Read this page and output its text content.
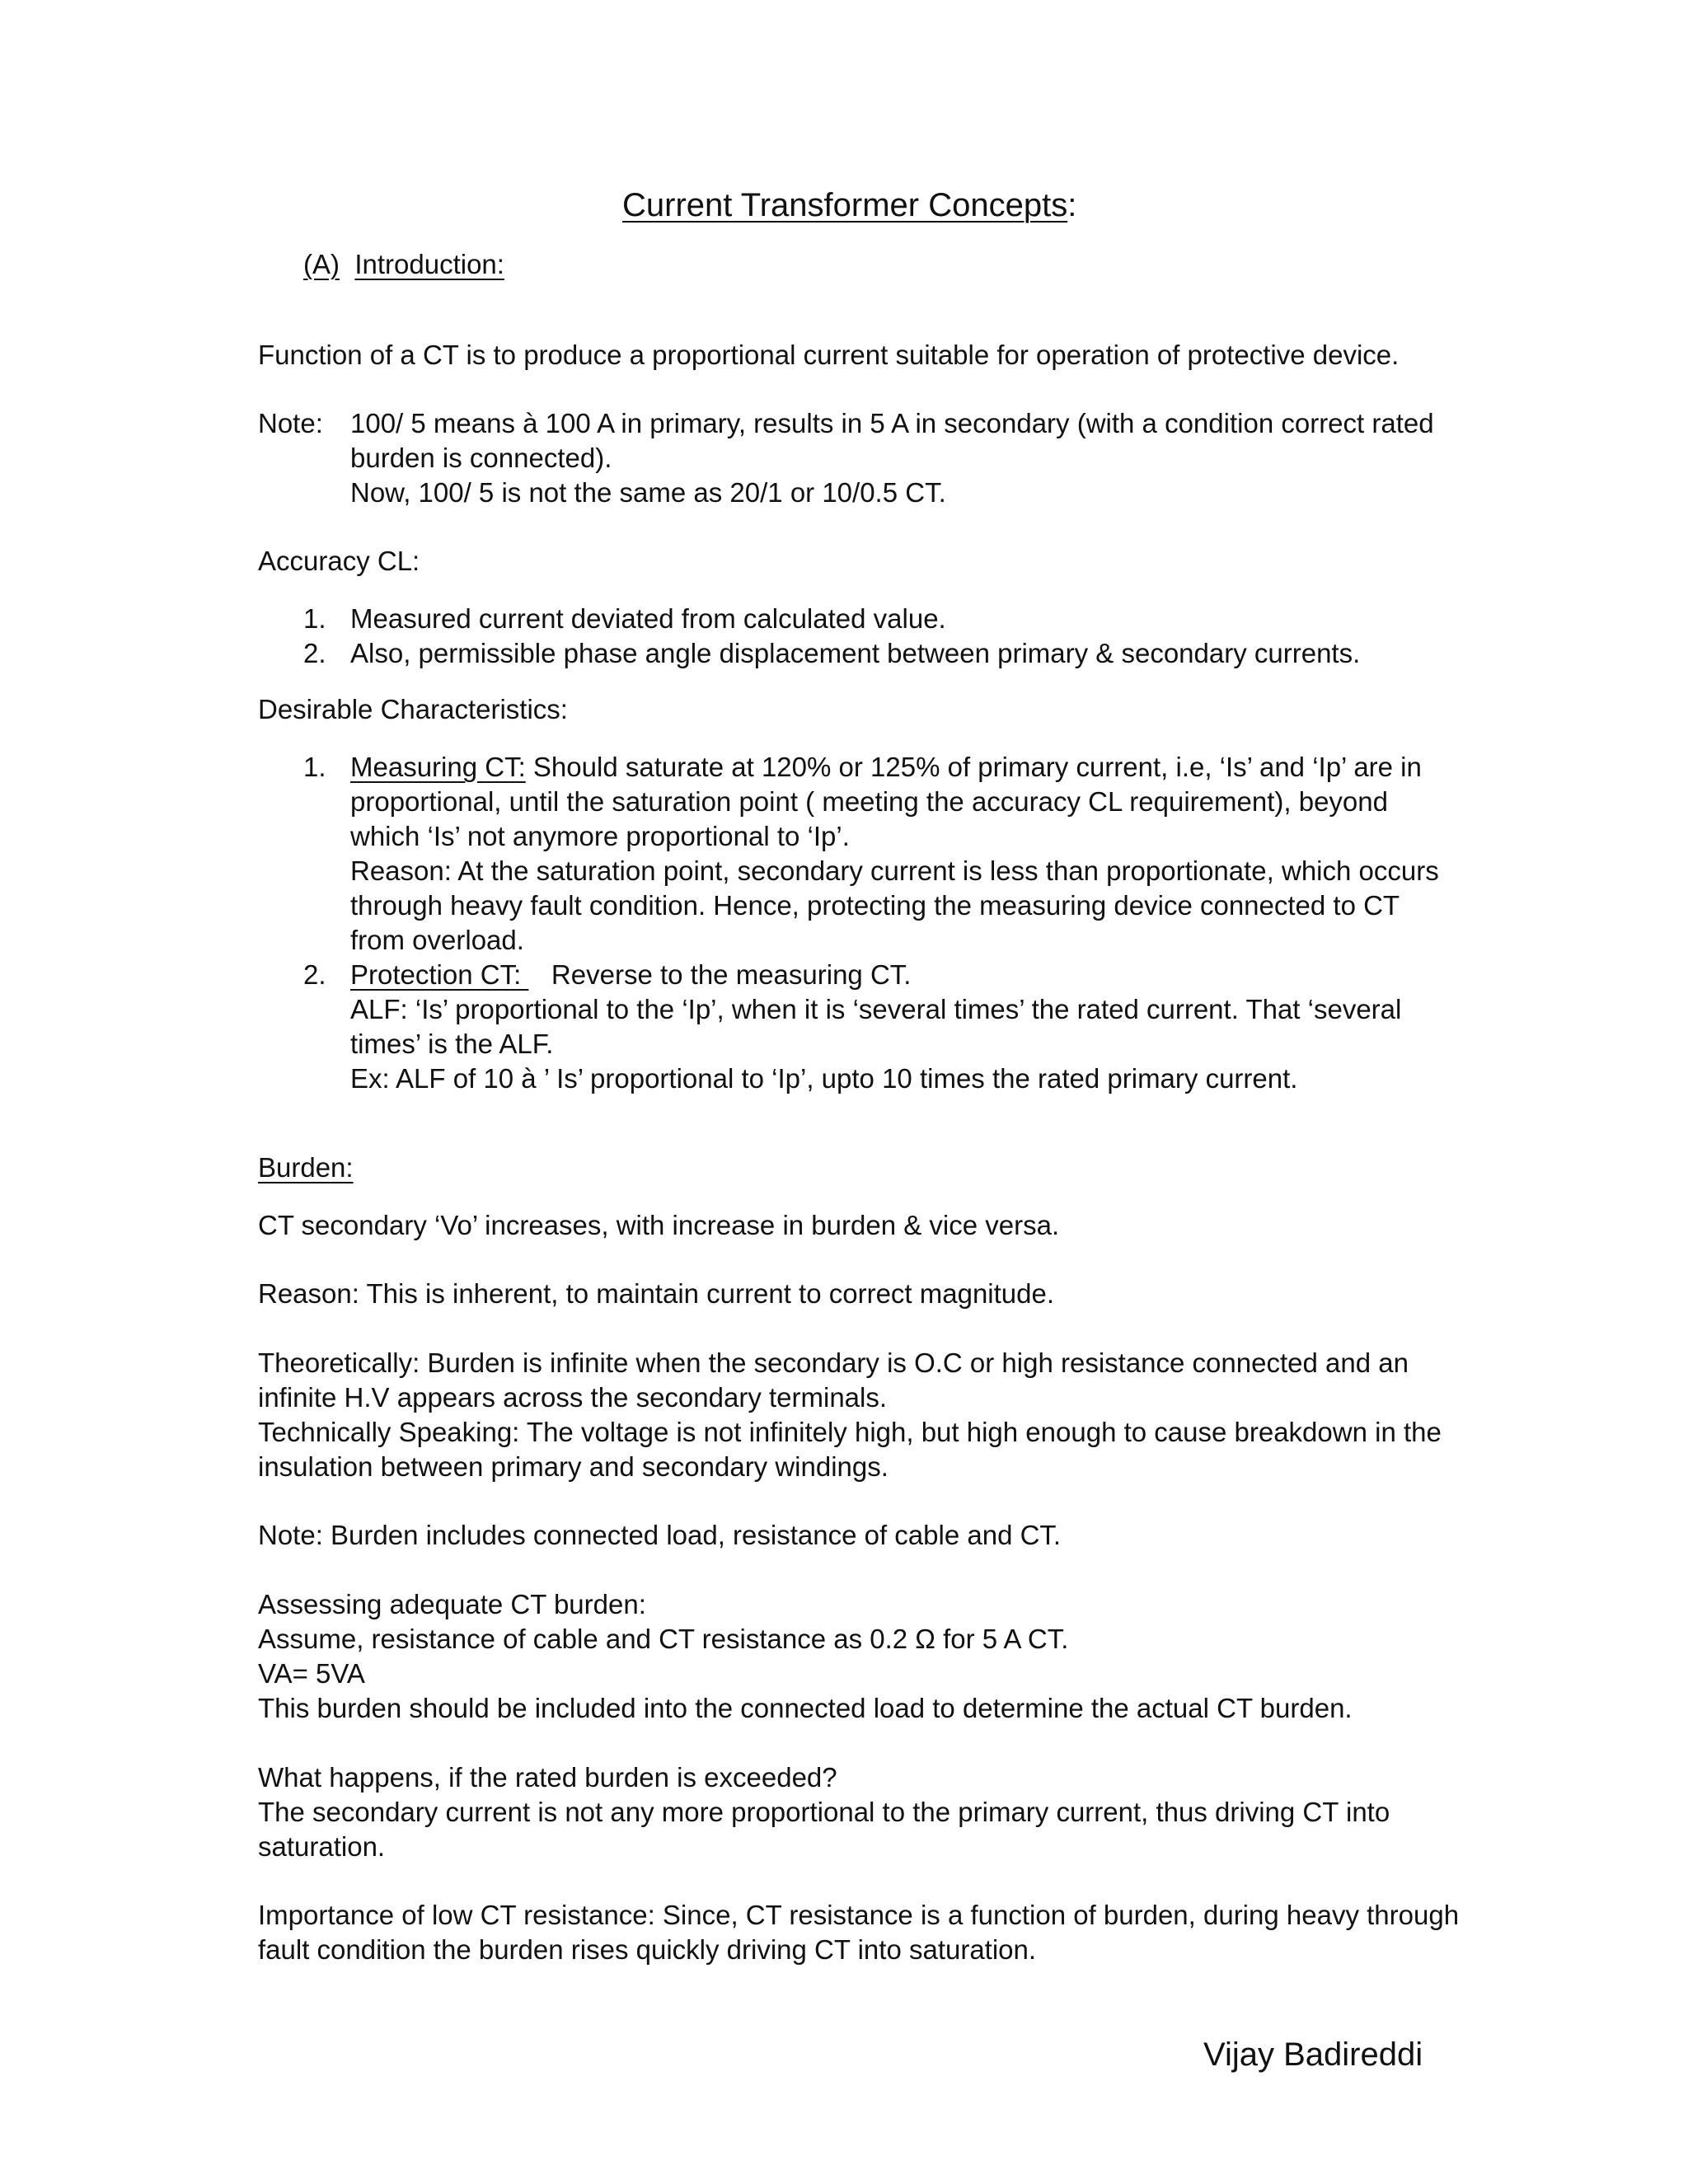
Current Transformer Concepts:
(A) Introduction:
Function of a CT is to produce a proportional current suitable for operation of protective device.
Note: 100/ 5 means à 100 A in primary, results in 5 A in secondary (with a condition correct rated
burden is connected).
Now, 100/ 5 is not the same as 20/1 or 10/0.5 CT.
Accuracy CL:
1. Measured current deviated from calculated value.
2. Also, permissible phase angle displacement between primary & secondary currents.
Desirable Characteristics:
1. Measuring CT: Should saturate at 120% or 125% of primary current, i.e, ‘Is’ and ‘Ip’ are in
proportional, until the saturation point ( meeting the accuracy CL requirement), beyond
which ‘Is’ not anymore proportional to ‘Ip’.
Reason: At the saturation point, secondary current is less than proportionate, which occurs
through heavy fault condition. Hence, protecting the measuring device connected to CT
from overload.
2. Protection CT:    Reverse to the measuring CT.
ALF: ‘Is’ proportional to the ‘Ip’, when it is ‘several times’ the rated current. That ‘several
times’ is the ALF.
Ex: ALF of 10 à ’ Is’ proportional to ‘Ip’, upto 10 times the rated primary current.
Burden:
CT secondary ‘Vo’ increases, with increase in burden & vice versa.
Reason: This is inherent, to maintain current to correct magnitude.
Theoretically: Burden is infinite when the secondary is O.C or high resistance connected and an
infinite H.V appears across the secondary terminals.
Technically Speaking: The voltage is not infinitely high, but high enough to cause breakdown in the
insulation between primary and secondary windings.
Note: Burden includes connected load, resistance of cable and CT.
Assessing adequate CT burden:
Assume, resistance of cable and CT resistance as 0.2 Ω for 5 A CT.
VA= 5VA
This burden should be included into the connected load to determine the actual CT burden.
What happens, if the rated burden is exceeded?
The secondary current is not any more proportional to the primary current, thus driving CT into
saturation.
Importance of low CT resistance: Since, CT resistance is a function of burden, during heavy through
fault condition the burden rises quickly driving CT into saturation.
Vijay Badireddi
